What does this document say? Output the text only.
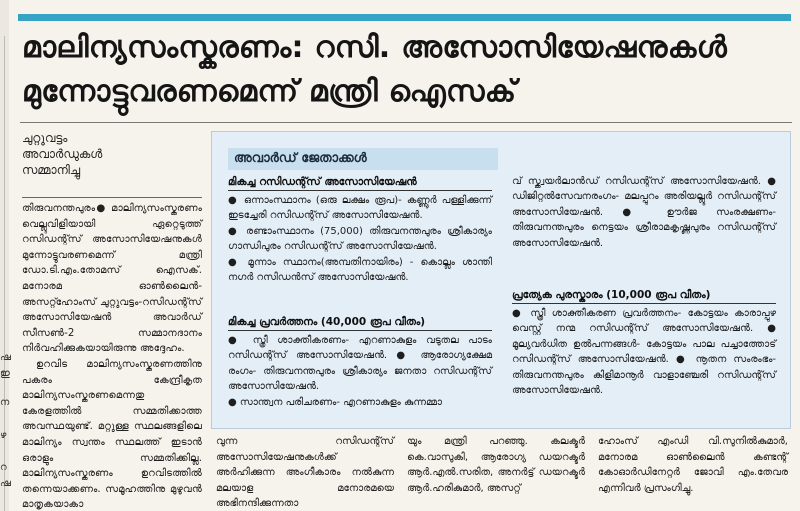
ഷ
ഇ
ന
ഴ
റ
ഷ
മാലിന്യസംസ്കരണം: റസി. അസോസിയേഷനുകൾ
മുന്നോട്ടുവരണമെന്ന് മന്ത്രി ഐസക്
ചുറ്റുവട്ടം
അവാർഡുകൾ
സമ്മാനിച്ചു

തിരുവനന്തപുരം● മാലിന്യസംസ്കരണം വെല്ലുവിളിയായി ഏറ്റെടുത്ത് റസിഡന്റ്സ് അസോസിയേഷനുകൾ മുന്നോട്ടുവരണമെന്ന് മന്ത്രി ഡോ.ടി.എം.തോമസ് ഐസക്. മനോരമ ഓൺലൈൻ- അസറ്റ്ഹോംസ് ചുറ്റുവട്ടം-റസിഡന്റ്സ് അസോസിയേഷൻ അവാർഡ് സീസൺ-2 സമ്മാനദാനം നിർവഹിക്കുകയായിരുന്നു അദ്ദേഹം.

ഉറവിട മാലിന്യസംസ്കരണത്തിനു പകരം കേന്ദ്രീകൃത മാലിന്യസംസ്കരണമെന്നതു കേരളത്തിൽ സമ്മതിക്കാത്ത അവസ്ഥയുണ്ട്. മറ്റുള്ള സ്ഥലങ്ങളിലെ മാലിന്യം സ്വന്തം സ്ഥലത്ത് ഇടാൻ ഒരാളും സമ്മതിക്കില്ല. മാലിന്യസംസ്കരണം ഉറവിടത്തിൽ തന്നെയാക്കണം. സമൂഹത്തിനു മുഴുവൻ മാതൃകയാകാ

അവാർഡ് ജേതാക്കൾ
മികച്ച റസിഡന്റ്സ് അസോസിയേഷൻ
● ഒന്നാംസ്ഥാനം (ഒരു ലക്ഷം രൂപ)- കണ്ണൂർ പള്ളിക്കുന്ന് ഇടച്ചേരി റസിഡന്റ്സ് അസോസിയേഷൻ.
● രണ്ടാംസ്ഥാനം (75,000) തിരുവനന്തപുരം ശ്രീകാര്യം ഗാന്ധിപുരം റസിഡന്റ്സ് അസോസിയേഷൻ.
● മൂന്നാം സ്ഥാനം(അമ്പതിനായിരം) - കൊല്ലം ശാന്തി നഗർ റസിഡൻസ് അസോസിയേഷൻ.
മികച്ച പ്രവർത്തനം (40,000 രൂപ വീതം)
● സ്ത്രീ ശാക്തീകരണം- എറണാകുളം വടുതല പാടം റസിഡന്റ്സ് അസോസിയേഷൻ. ● ആരോഗ്യക്ഷേമ രംഗം- തിരുവനന്തപുരം ശ്രീകാര്യം ജനതാ റസിഡന്റ്സ് അസോസിയേഷൻ.
● സാന്ത്വന പരിചരണം- എറണാകുളം കുന്നമ്മാ
വ് സ്ക്വയർലാൻഡ് റസിഡന്റ്സ് അസോസിയേഷൻ. ● ഡിജിറ്റൽസേവനരംഗം- മലപ്പുറം അരിയല്ലൂർ റസിഡന്റ്സ് അസോസിയേഷൻ. ● ഊർജ സംരക്ഷണം- തിരുവനന്തപുരം നെട്ടയം ശ്രീരാമകൃഷ്ണപുരം റസിഡന്റ്സ് അസോസിയേഷൻ.
പ്രത്യേക പുരസ്കാരം (10,000 രൂപ വീതം)
● സ്ത്രീ ശാക്തീകരണ പ്രവർത്തനം- കോട്ടയം കാരാപ്പുഴ വെസ്റ്റ് നന്മ റസിഡന്റ്സ് അസോസിയേഷൻ. ● മൂല്യവർധിത ഉൽപന്നങ്ങൾ- കോട്ടയം പാല പച്ചാത്തോട് റസിഡന്റ്സ് അസോസിയേഷൻ. ● നൂതന സംരംഭം- തിരുവനന്തപുരം കിളിമാനൂർ വാളാഞ്ചേരി റസിഡന്റ്സ് അസോസിയേഷൻ.
വുന്ന റസിഡന്റ്സ് അസോസിയേഷനുകൾക്ക് അർഹിക്കുന്ന അംഗീകാരം നൽകുന്ന മലയാള മനോരമയെ അഭിനന്ദിക്കുന്നതാ
യും മന്ത്രി പറഞ്ഞു. കലക്ടർ കെ.വാസുകി, ആരോഗ്യ ഡയറക്ടർ ആർ.എൽ.സരിത, അനർട്ട് ഡയറക്ടർ ആർ.ഹരികുമാർ, അസറ്റ്
ഹോംസ് എംഡി വി.സുനിൽകുമാർ, മനോരമ ഓൺലൈൻ കണ്ടന്റ് കോഓർഡിനേറ്റർ ജോവി എം.തേവര എന്നിവർ പ്രസംഗിച്ചു.
